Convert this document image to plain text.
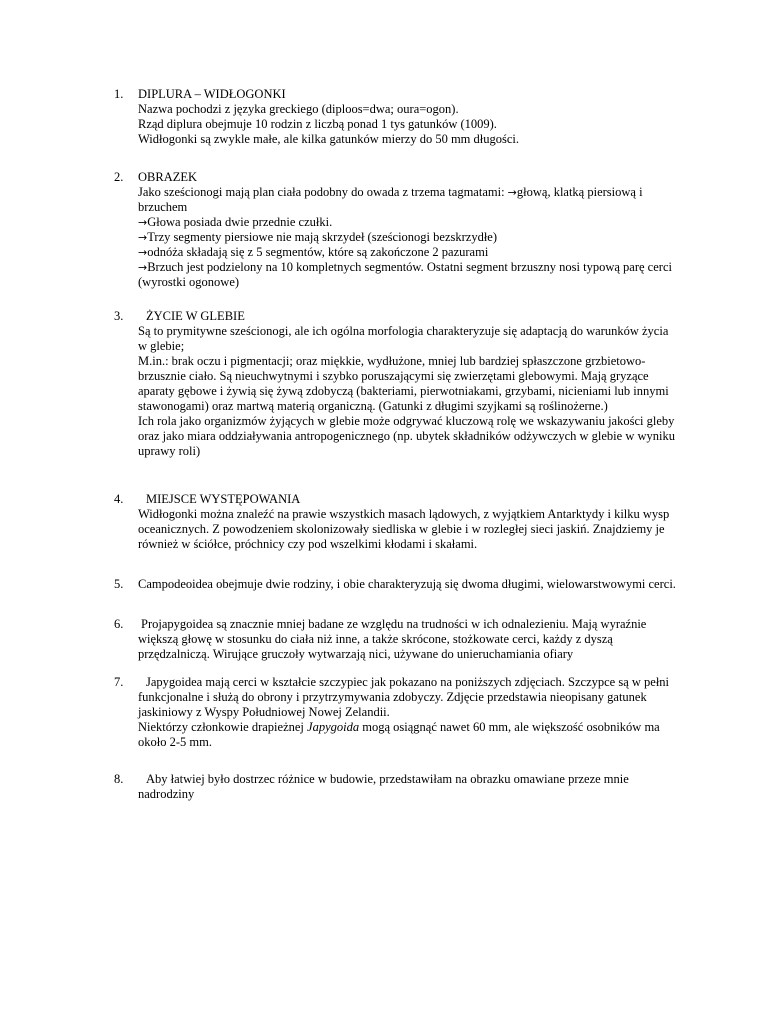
1. DIPLURA – WIDŁOGONKI
Nazwa pochodzi z języka greckiego (diploos=dwa; oura=ogon).
Rząd diplura obejmuje 10 rodzin z liczbą ponad 1 tys gatunków (1009).
Widłogonki są zwykle małe, ale kilka gatunków mierzy do 50 mm długości.
2. OBRAZEK
Jako sześcionogi mają plan ciała podobny do owada z trzema tagmatami: →głową, klatką piersiową i brzuchem
→Głowa posiada dwie przednie czułki.
→Trzy segmenty piersiowe nie mają skrzydeł (sześcionogi bezskrzydłe)
→odnóża składają się z 5 segmentów, które są zakończone 2 pazurami
→Brzuch jest podzielony na 10 kompletnych segmentów. Ostatni segment brzuszny nosi typową parę cerci (wyrostki ogonowe)
3.	ŻYCIE W GLEBIE
Są to prymitywne sześcionogi, ale ich ogólna morfologia charakteryzuje się adaptacją do warunków życia w glebie;
M.in.: brak oczu i pigmentacji; oraz miękkie, wydłużone, mniej lub bardziej spłaszczone grzbietowo-brzusznie ciało. Są nieuchwytnymi i szybko poruszającymi się zwierzętami glebowymi. Mają gryzące aparaty gębowe i żywią się żywą zdobyczą (bakteriami, pierwotniakami, grzybami, nicieniami lub innymi stawonogami) oraz martwą materią organiczną. (Gatunki z długimi szyjkami są roślinożerne.)
Ich rola jako organizmów żyjących w glebie może odgrywać kluczową rolę we wskazywaniu jakości gleby oraz jako miara oddziaływania antropogenicznego (np. ubytek składników odżywczych w glebie w wyniku uprawy roli)
4.	MIEJSCE WYSTĘPOWANIA
Widłogonki można znaleźć na prawie wszystkich masach lądowych, z wyjątkiem Antarktydy i kilku wysp oceanicznych. Z powodzeniem skolonizowały siedliska w glebie i w rozległej sieci jaskiń. Znajdziemy je również w ściółce, próchnicy czy pod wszelkimi kłodami i skałami.
5. Campodeoidea obejmuje dwie rodziny, i obie charakteryzują się dwoma długimi, wielowarstwowymi cerci.
6. Projapygoidea są znacznie mniej badane ze względu na trudności w ich odnalezieniu. Mają wyraźnie większą głowę w stosunku do ciała niż inne, a także skrócone, stożkowate cerci, każdy z dyszą przędzalniczą. Wirujące gruczoły wytwarzają nici, używane do unieruchamiania ofiary
7.	Japygoidea mają cerci w kształcie szczypiec jak pokazano na poniższych zdjęciach. Szczypce są w pełni funkcjonalne i służą do obrony i przytrzymywania zdobyczy. Zdjęcie przedstawia nieopisany gatunek jaskiniowy z Wyspy Południowej Nowej Zelandii.
Niektórzy członkowie drapieżnej Japygoida mogą osiągnąć nawet 60 mm, ale większość osobników ma około 2-5 mm.
8.	Aby łatwiej było dostrzec różnice w budowie, przedstawiłam na obrazku omawiane przeze mnie nadrodziny
